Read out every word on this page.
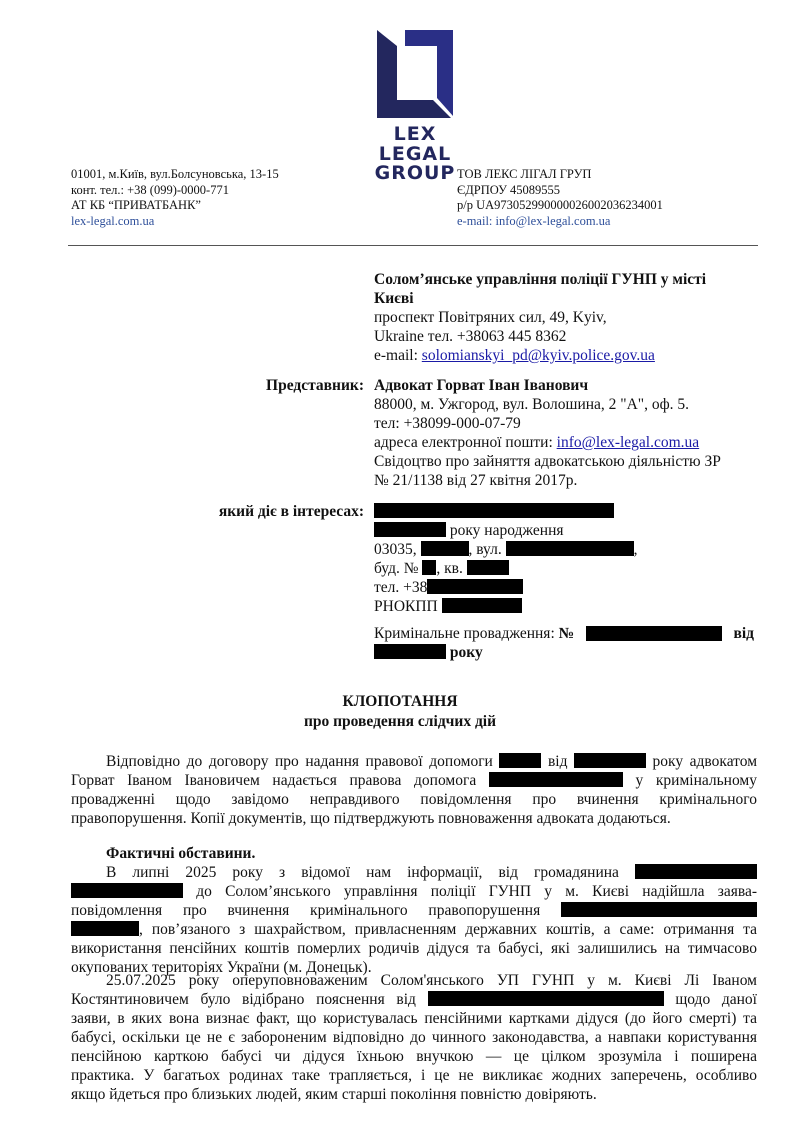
LEX LEGAL
GROUP
01001, м.Київ, вул.Болсуновська, 13-15
конт. тел.: +38 (099)-0000-771
АТ КБ “ПРИВАТБАНК”
lex-legal.com.ua
ТОВ ЛЕКС ЛІГАЛ ГРУП
ЄДРПОУ 45089555
р/р UA973052990000026002036234001
e-mail: info@lex-legal.com.ua
Солом’янське управління поліції ГУНП у місті
Києві
проспект Повітряних сил, 49, Kyiv,
Ukraine тел. +38063 445 8362
e-mail: solomianskyi_pd@kyiv.police.gov.ua
Представник: Адвокат Горват Іван Іванович
88000, м. Ужгород, вул. Волошина, 2 "А", оф. 5.
тел: +38099-000-07-79
адреса електронної пошти: info@lex-legal.com.ua
Свідоцтво про зайняття адвокатською діяльністю ЗР
№ 21/1138 від 27 квітня 2017р.
який діє в інтересах:
року народження
03035,	, вул.	,
буд. № , кв.
тел. +38
РНОКПП
Кримінальне провадження: №	від
року
КЛОПОТАННЯ
про проведення слідчих дій
Відповідно до договору про надання правової допомоги	від	року адвокатом
Горват Іваном Івановичем надається правова допомога	у кримінальному
провадженні щодо завідомо неправдивого повідомлення про вчинення кримінального
правопорушення. Копії документів, що підтверджують повноваження адвоката додаються.
Фактичні обставини.
В липні 2025 року з відомої нам інформації, від громадянина
до Солом’янського управління поліції ГУНП у м. Києві надійшла заява-
повідомлення про вчинення кримінального правопорушення
, пов’язаного з шахрайством, привласненням державних коштів, а саме: отримання та
використання пенсійних коштів померлих родичів дідуся та бабусі, які залишились на тимчасово
окупованих територіях України (м. Донецьк).
25.07.2025 року оперуповноваженим Солом'янського УП ГУНП у м. Києві Лі Іваном
Костянтиновичем було відібрано пояснення від	щодо даної
заяви, в яких вона визнає факт, що користувалась пенсійними картками дідуся (до його смерті) та
бабусі, оскільки це не є забороненим відповідно до чинного законодавства, а навпаки користування
пенсійною карткою бабусі чи дідуся їхньою внучкою — це цілком зрозуміла і поширена
практика. У багатьох родинах таке трапляється, і це не викликає жодних заперечень, особливо
якщо йдеться про близьких людей, яким старші покоління повністю довіряють.
